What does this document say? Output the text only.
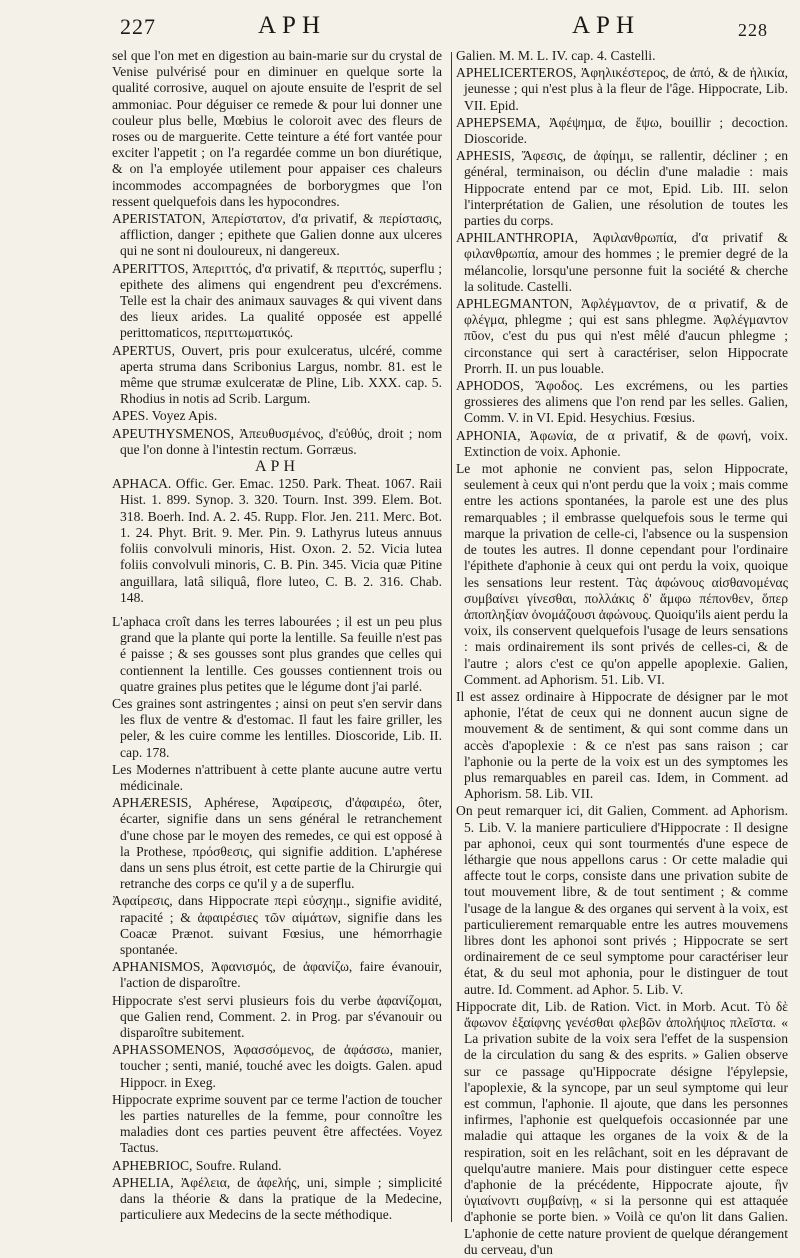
227	APH	APH	228

sel que l'on met en digestion au bain-marie sur du crystal de Venise pulvérisé pour en diminuer en quelque sorte la qualité corrosive, auquel on ajoute ensuite de l'esprit de sel ammoniac. Pour déguiser ce remede & pour lui donner une couleur plus belle, Mœbius le coloroit avec des fleurs de roses ou de marguerite. Cette teinture a été fort vantée pour exciter l'appetit ; on l'a regardée comme un bon diurétique, & on l'a employée utilement pour appaiser ces chaleurs incommodes accompagnées de borborygmes que l'on ressent quelquefois dans les hypocondres.

APERISTATON, Ἀπερίστατον, d'α privatif, & περίστασις, affliction, danger ; epithete que Galien donne aux ulceres qui ne sont ni douloureux, ni dangereux.

APERITTOS, Ἀπεριττός, d'α privatif, & περιττός, superflu ; epithete des alimens qui engendrent peu d'excrémens. Telle est la chair des animaux sauvages & qui vivent dans des lieux arides. La qualité opposée est appellé perittomaticos, περιττωματικός.

APERTUS, Ouvert, pris pour exulceratus, ulcéré, comme aperta struma dans Scribonius Largus, nombr. 81. est le même que strumæ exulceratæ de Pline, Lib. XXX. cap. 5. Rhodius in notis ad Scrib. Largum.

APES. Voyez Apis.

APEUTHYSMENOS, Ἀπευθυσμένος, d'εὐθύς, droit ; nom que l'on donne à l'intestin rectum. Gorræus.

APH

APHACA. Offic. Ger. Emac. 1250. Park. Theat. 1067. Raii Hist. 1. 899. Synop. 3. 320. Tourn. Inst. 399. Elem. Bot. 318. Boerh. Ind. A. 2. 45. Rupp. Flor. Jen. 211. Merc. Bot. 1. 24. Phyt. Brit. 9. Mer. Pin. 9. Lathyrus luteus annuus foliis convolvuli minoris, Hist. Oxon. 2. 52. Vicia lutea foliis convolvuli minoris, C. B. Pin. 345. Vicia quæ Pitine anguillara, latâ siliquâ, flore luteo, C. B. 2. 316. Chab. 148.

L'aphaca croît dans les terres labourées ; il est un peu plus grand que la plante qui porte la lentille. Sa feuille n'est pas é paisse ; & ses gousses sont plus grandes que celles qui contiennent la lentille. Ces gousses contiennent trois ou quatre graines plus petites que le légume dont j'ai parlé.

Ces graines sont astringentes ; ainsi on peut s'en servir dans les flux de ventre & d'estomac. Il faut les faire griller, les peler, & les cuire comme les lentilles. Dioscoride, Lib. II. cap. 178.

Les Modernes n'attribuent à cette plante aucune autre vertu médicinale.

APHÆRESIS, Aphérese, Ἀφαίρεσις, d'ἀφαιρέω, ôter, écarter, signifie dans un sens général le retranchement d'une chose par le moyen des remedes, ce qui est opposé à la Prothese, πρόσθεσις, qui signifie addition. L'aphérese dans un sens plus étroit, est cette partie de la Chirurgie qui retranche des corps ce qu'il y a de superflu.

Ἀφαίρεσις, dans Hippocrate περὶ εὐσχημ., signifie avidité, rapacité ; & ἀφαιρέσιες τῶν αἱμάτων, signifie dans les Coacæ Prænot. suivant Fœsius, une hémorrhagie spontanée.

APHANISMOS, Ἀφανισμός, de ἀφανίζω, faire évanouir, l'action de disparoître.

Hippocrate s'est servi plusieurs fois du verbe ἀφανίζομαι, que Galien rend, Comment. 2. in Prog. par s'évanouir ou disparoître subitement.

APHASSOMENOS, Ἀφασσόμενος, de ἀφάσσω, manier, toucher ; senti, manié, touché avec les doigts. Galen. apud Hippocr. in Exeg.

Hippocrate exprime souvent par ce terme l'action de toucher les parties naturelles de la femme, pour connoître les maladies dont ces parties peuvent être affectées. Voyez Tactus.

APHEBRIOC, Soufre. Ruland.

APHELIA, Ἀφέλεια, de ἀφελής, uni, simple ; simplicité dans la théorie & dans la pratique de la Medecine, particuliere aux Medecins de la secte méthodique.

Galien. M. M. L. IV. cap. 4. Castelli.

APHELICERTEROS, Ἀφηλικέστερος, de ἀπό, & de ἡλικία, jeunesse ; qui n'est plus à la fleur de l'âge. Hippocrate, Lib. VII. Epid.

APHEPSEMA, Ἀφέψημα, de ἕψω, bouillir ; decoction. Dioscoride.

APHESIS, Ἄφεσις, de ἀφίημι, se rallentir, décliner ; en général, terminaison, ou déclin d'une maladie : mais Hippocrate entend par ce mot, Epid. Lib. III. selon l'interprétation de Galien, une résolution de toutes les parties du corps.

APHILANTHROPIA, Ἀφιλανθρωπία, d'α privatif & φιλανθρωπία, amour des hommes ; le premier degré de la mélancolie, lorsqu'une personne fuit la société & cherche la solitude. Castelli.

APHLEGMANTON, Ἀφλέγμαντον, de α privatif, & de φλέγμα, phlegme ; qui est sans phlegme. Ἀφλέγμαντον πῦον, c'est du pus qui n'est mêlé d'aucun phlegme ; circonstance qui sert à caractériser, selon Hippocrate Prorrh. II. un pus louable.

APHODOS, Ἄφοδος. Les excrémens, ou les parties grossieres des alimens que l'on rend par les selles. Galien, Comm. V. in VI. Epid. Hesychius. Fœsius.

APHONIA, Ἀφωνία, de α privatif, & de φωνή, voix. Extinction de voix. Aphonie.

Le mot aphonie ne convient pas, selon Hippocrate, seulement à ceux qui n'ont perdu que la voix ; mais comme entre les actions spontanées, la parole est une des plus remarquables ; il embrasse quelquefois sous le terme qui marque la privation de celle-ci, l'absence ou la suspension de toutes les autres. Il donne cependant pour l'ordinaire l'épithete d'aphonie à ceux qui ont perdu la voix, quoique les sensations leur restent. Τὰς ἀφώνους αἰσθανομένας συμβαίνει γίνεσθαι, πολλάκις δ' ἄμφω πέπονθεν, ὅπερ ἀποπληξίαν ὀνομάζουσι ἀφώνους. Quoiqu'ils aient perdu la voix, ils conservent quelquefois l'usage de leurs sensations : mais ordinairement ils sont privés de celles-ci, & de l'autre ; alors c'est ce qu'on appelle apoplexie. Galien, Comment. ad Aphorism. 51. Lib. VI.

Il est assez ordinaire à Hippocrate de désigner par le mot aphonie, l'état de ceux qui ne donnent aucun signe de mouvement & de sentiment, & qui sont comme dans un accès d'apoplexie : & ce n'est pas sans raison ; car l'aphonie ou la perte de la voix est un des symptomes les plus remarquables en pareil cas. Idem, in Comment. ad Aphorism. 58. Lib. VII.

On peut remarquer ici, dit Galien, Comment. ad Aphorism. 5. Lib. V. la maniere particuliere d'Hippocrate : Il designe par aphonoi, ceux qui sont tourmentés d'une espece de léthargie que nous appellons carus : Or cette maladie qui affecte tout le corps, consiste dans une privation subite de tout mouvement libre, & de tout sentiment ; & comme l'usage de la langue & des organes qui servent à la voix, est particulierement remarquable entre les autres mouvemens libres dont les aphonoi sont privés ; Hippocrate se sert ordinairement de ce seul symptome pour caractériser leur état, & du seul mot aphonia, pour le distinguer de tout autre. Id. Comment. ad Aphor. 5. Lib. V.

Hippocrate dit, Lib. de Ration. Vict. in Morb. Acut. Τὸ δὲ ἄφωνον ἐξαίφνης γενέσθαι φλεβῶν ἀπολήψιος πλεῖστα. « La privation subite de la voix sera l'effet de la suspension de la circulation du sang & des esprits. » Galien observe sur ce passage qu'Hippocrate désigne l'épylepsie, l'apoplexie, & la syncope, par un seul symptome qui leur est commun, l'aphonie. Il ajoute, que dans les personnes infirmes, l'aphonie est quelquefois occasionnée par une maladie qui attaque les organes de la voix & de la respiration, soit en les relâchant, soit en les dépravant de quelqu'autre maniere. Mais pour distinguer cette espece d'aphonie de la précédente, Hippocrate ajoute, ἢν ὑγιαίνοντι συμβαίνῃ, « si la personne qui est attaquée d'aphonie se porte bien. » Voilà ce qu'on lit dans Galien. L'aphonie de cette nature provient de quelque dérangement du cerveau, d'un
